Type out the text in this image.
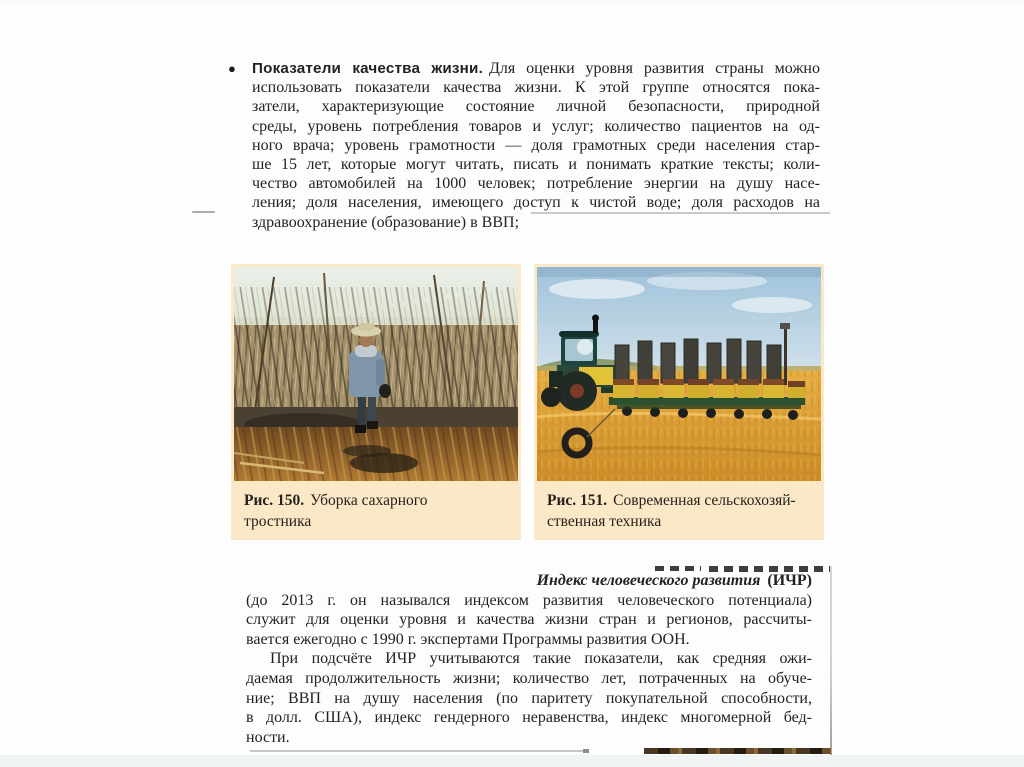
● Показатели качества жизни. Для оценки уровня развития страны можно
использовать показатели качества жизни. К этой группе относятся пока-
затели, характеризующие состояние личной безопасности, природной
среды, уровень потребления товаров и услуг; количество пациентов на од-
ного врача; уровень грамотности — доля грамотных среди населения стар-
ше 15 лет, которые могут читать, писать и понимать краткие тексты; коли-
чество автомобилей на 1000 человек; потребление энергии на душу насе-
ления; доля населения, имеющего доступ к чистой воде; доля расходов на
здравоохранение (образование) в ВВП;
Рис. 150. Уборка сахарного
тростника
Рис. 151. Современная сельскохозяй-
ственная техника
Индекс человеческого развития (ИЧР)
(до 2013 г. он назывался индексом развития человеческого потенциала)
служит для оценки уровня и качества жизни стран и регионов, рассчиты-
вается ежегодно с 1990 г. экспертами Программы развития ООН.
При подсчёте ИЧР учитываются такие показатели, как средняя ожи-
даемая продолжительность жизни; количество лет, потраченных на обуче-
ние; ВВП на душу населения (по паритету покупательной способности,
в долл. США), индекс гендерного неравенства, индекс многомерной бед-
ности.
